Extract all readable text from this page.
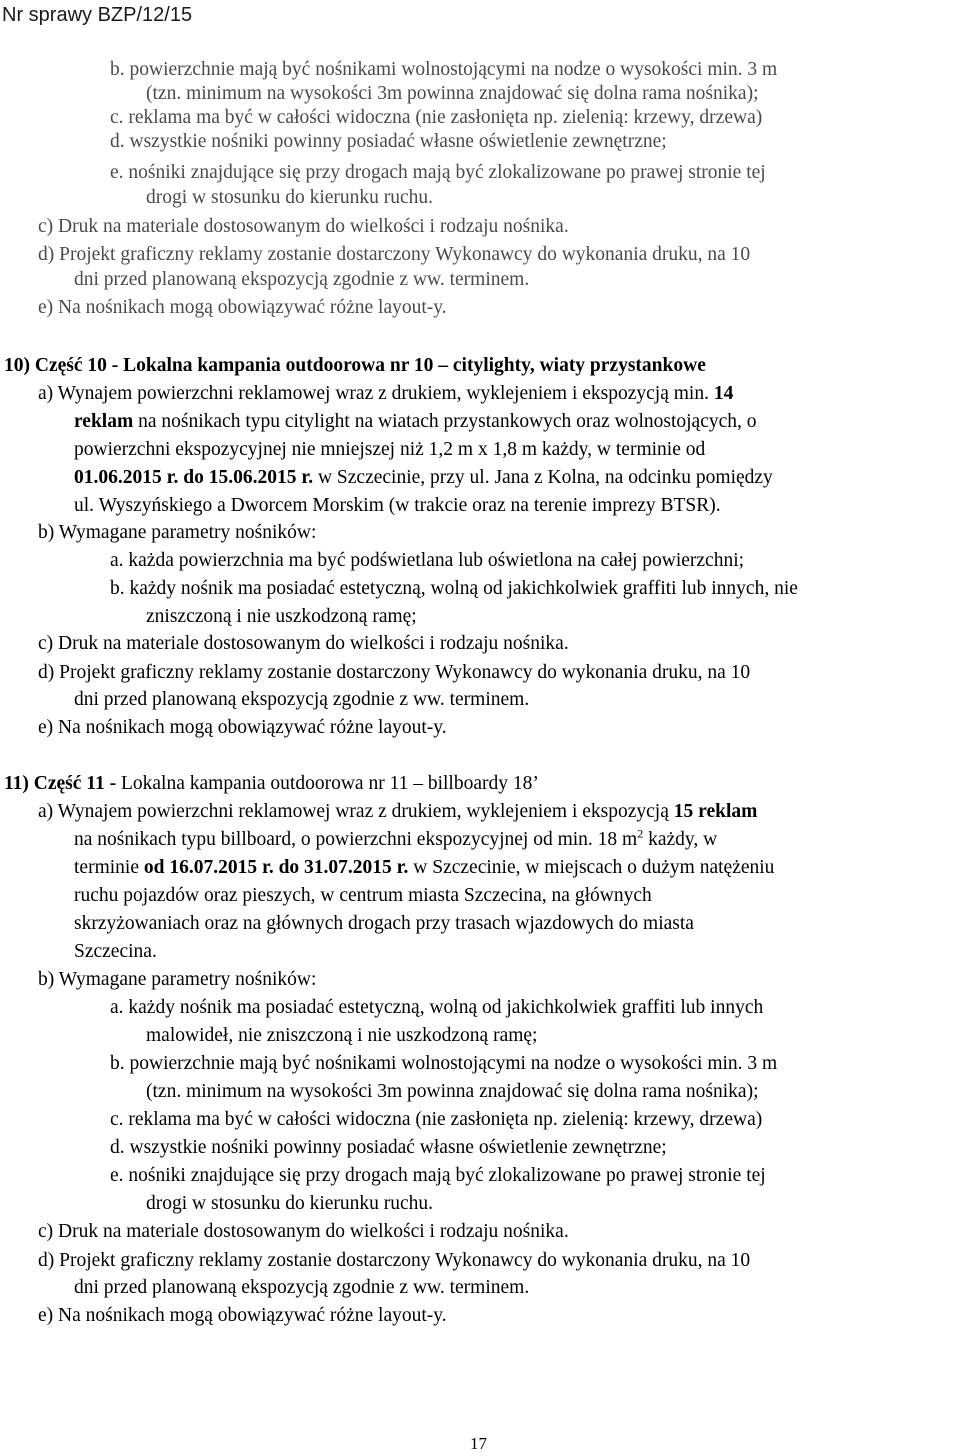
Nr sprawy BZP/12/15
b. powierzchnie mają być nośnikami wolnostojącymi na nodze o wysokości min. 3 m
(tzn. minimum na wysokości 3m powinna znajdować się dolna rama nośnika);
c. reklama ma być w całości widoczna (nie zasłonięta np. zielenią: krzewy, drzewa)
d. wszystkie nośniki powinny posiadać własne oświetlenie zewnętrzne;
e. nośniki znajdujące się przy drogach mają być zlokalizowane po prawej stronie tej
drogi w stosunku do kierunku ruchu.
c) Druk na materiale dostosowanym do wielkości i rodzaju nośnika.
d) Projekt graficzny reklamy zostanie dostarczony Wykonawcy do wykonania druku, na 10
dni przed planowaną ekspozycją zgodnie z ww. terminem.
e) Na nośnikach mogą obowiązywać różne layout-y.
10) Część 10 - Lokalna kampania outdoorowa nr 10 – citylighty, wiaty przystankowe
a) Wynajem powierzchni reklamowej wraz z drukiem, wyklejeniem i ekspozycją min. 14
reklam na nośnikach typu citylight na wiatach przystankowych oraz wolnostojących, o
powierzchni ekspozycyjnej nie mniejszej niż 1,2 m x 1,8 m każdy, w terminie od
01.06.2015 r. do 15.06.2015 r. w Szczecinie, przy ul. Jana z Kolna, na odcinku pomiędzy
ul. Wyszyńskiego a Dworcem Morskim (w trakcie oraz na terenie imprezy BTSR).
b) Wymagane parametry nośników:
a. każda powierzchnia ma być podświetlana lub oświetlona na całej powierzchni;
b. każdy nośnik ma posiadać estetyczną, wolną od jakichkolwiek graffiti lub innych, nie
zniszczoną i nie uszkodzoną ramę;
c) Druk na materiale dostosowanym do wielkości i rodzaju nośnika.
d) Projekt graficzny reklamy zostanie dostarczony Wykonawcy do wykonania druku, na 10
dni przed planowaną ekspozycją zgodnie z ww. terminem.
e) Na nośnikach mogą obowiązywać różne layout-y.
11) Część 11 - Lokalna kampania outdoorowa nr 11 – billboardy 18’
a) Wynajem powierzchni reklamowej wraz z drukiem, wyklejeniem i ekspozycją 15 reklam
na nośnikach typu billboard, o powierzchni ekspozycyjnej od min. 18 $m^2$ każdy, w
terminie od 16.07.2015 r. do 31.07.2015 r. w Szczecinie, w miejscach o dużym natężeniu
ruchu pojazdów oraz pieszych, w centrum miasta Szczecina, na głównych
skrzyżowaniach oraz na głównych drogach przy trasach wjazdowych do miasta
Szczecina.
b) Wymagane parametry nośników:
a. każdy nośnik ma posiadać estetyczną, wolną od jakichkolwiek graffiti lub innych
malowideł, nie zniszczoną i nie uszkodzoną ramę;
b. powierzchnie mają być nośnikami wolnostojącymi na nodze o wysokości min. 3 m
(tzn. minimum na wysokości 3m powinna znajdować się dolna rama nośnika);
c. reklama ma być w całości widoczna (nie zasłonięta np. zielenią: krzewy, drzewa)
d. wszystkie nośniki powinny posiadać własne oświetlenie zewnętrzne;
e. nośniki znajdujące się przy drogach mają być zlokalizowane po prawej stronie tej
drogi w stosunku do kierunku ruchu.
c) Druk na materiale dostosowanym do wielkości i rodzaju nośnika.
d) Projekt graficzny reklamy zostanie dostarczony Wykonawcy do wykonania druku, na 10
dni przed planowaną ekspozycją zgodnie z ww. terminem.
e) Na nośnikach mogą obowiązywać różne layout-y.
17
